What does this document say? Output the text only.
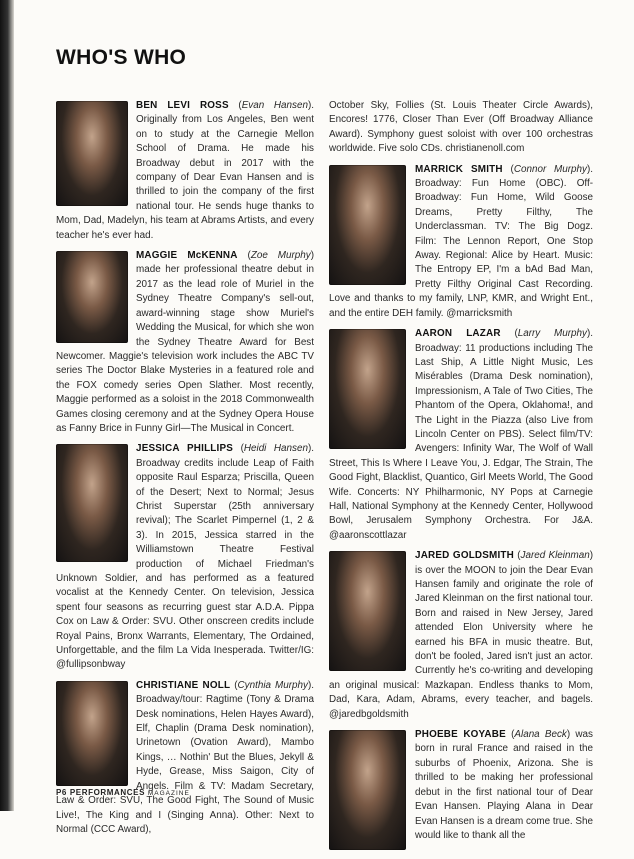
WHO'S WHO

BEN LEVI ROSS (Evan Hansen). Originally from Los Angeles, Ben went on to study at the Carnegie Mellon School of Drama. He made his Broadway debut in 2017 with the company of Dear Evan Hansen and is thrilled to join the company of the first national tour. He sends huge thanks to Mom, Dad, Madelyn, his team at Abrams Artists, and every teacher he's ever had.

MAGGIE McKENNA (Zoe Murphy) made her professional theatre debut in 2017 as the lead role of Muriel in the Sydney Theatre Company's sell-out, award-winning stage show Muriel's Wedding the Musical, for which she won the Sydney Theatre Award for Best Newcomer. Maggie's television work includes the ABC TV series The Doctor Blake Mysteries in a featured role and the FOX comedy series Open Slather. Most recently, Maggie performed as a soloist in the 2018 Commonwealth Games closing ceremony and at the Sydney Opera House as Fanny Brice in Funny Girl—The Musical in Concert.

JESSICA PHILLIPS (Heidi Hansen). Broadway credits include Leap of Faith opposite Raul Esparza; Priscilla, Queen of the Desert; Next to Normal; Jesus Christ Superstar (25th anniversary revival); The Scarlet Pimpernel (1, 2 & 3). In 2015, Jessica starred in the Williamstown Theatre Festival production of Michael Friedman's Unknown Soldier, and has performed as a featured vocalist at the Kennedy Center. On television, Jessica spent four seasons as recurring guest star A.D.A. Pippa Cox on Law & Order: SVU. Other onscreen credits include Royal Pains, Bronx Warrants, Elementary, The Ordained, Unforgettable, and the film La Vida Inesperada. Twitter/IG: @fullipsonbway

CHRISTIANE NOLL (Cynthia Murphy). Broadway/tour: Ragtime (Tony & Drama Desk nominations, Helen Hayes Award), Elf, Chaplin (Drama Desk nomination), Urinetown (Ovation Award), Mambo Kings, … Nothin' But the Blues, Jekyll & Hyde, Grease, Miss Saigon, City of Angels. Film & TV: Madam Secretary, Law & Order: SVU, The Good Fight, The Sound of Music Live!, The King and I (Singing Anna). Other: Next to Normal (CCC Award),

October Sky, Follies (St. Louis Theater Circle Awards), Encores! 1776, Closer Than Ever (Off Broadway Alliance Award). Symphony guest soloist with over 100 orchestras worldwide. Five solo CDs. christianenoll.com

MARRICK SMITH (Connor Murphy). Broadway: Fun Home (OBC). Off-Broadway: Fun Home, Wild Goose Dreams, Pretty Filthy, The Underclassman. TV: The Big Dogz. Film: The Lennon Report, One Stop Away. Regional: Alice by Heart. Music: The Entropy EP, I'm a bAd Bad Man, Pretty Filthy Original Cast Recording. Love and thanks to my family, LNP, KMR, and Wright Ent., and the entire DEH family. @marricksmith

AARON LAZAR (Larry Murphy). Broadway: 11 productions including The Last Ship, A Little Night Music, Les Misérables (Drama Desk nomination), Impressionism, A Tale of Two Cities, The Phantom of the Opera, Oklahoma!, and The Light in the Piazza (also Live from Lincoln Center on PBS). Select film/TV: Avengers: Infinity War, The Wolf of Wall Street, This Is Where I Leave You, J. Edgar, The Strain, The Good Fight, Blacklist, Quantico, Girl Meets World, The Good Wife. Concerts: NY Philharmonic, NY Pops at Carnegie Hall, National Symphony at the Kennedy Center, Hollywood Bowl, Jerusalem Symphony Orchestra. For J&A. @aaronscottlazar

JARED GOLDSMITH (Jared Kleinman) is over the MOON to join the Dear Evan Hansen family and originate the role of Jared Kleinman on the first national tour. Born and raised in New Jersey, Jared attended Elon University where he earned his BFA in music theatre. But, don't be fooled, Jared isn't just an actor. Currently he's co-writing and developing an original musical: Mazkapan. Endless thanks to Mom, Dad, Kara, Adam, Abrams, every teacher, and bagels. @jaredbgoldsmith

PHOEBE KOYABE (Alana Beck) was born in rural France and raised in the suburbs of Phoenix, Arizona. She is thrilled to be making her professional debut in the first national tour of Dear Evan Hansen. Playing Alana in Dear Evan Hansen is a dream come true. She would like to thank all the

P6 PERFORMANCES MAGAZINE
